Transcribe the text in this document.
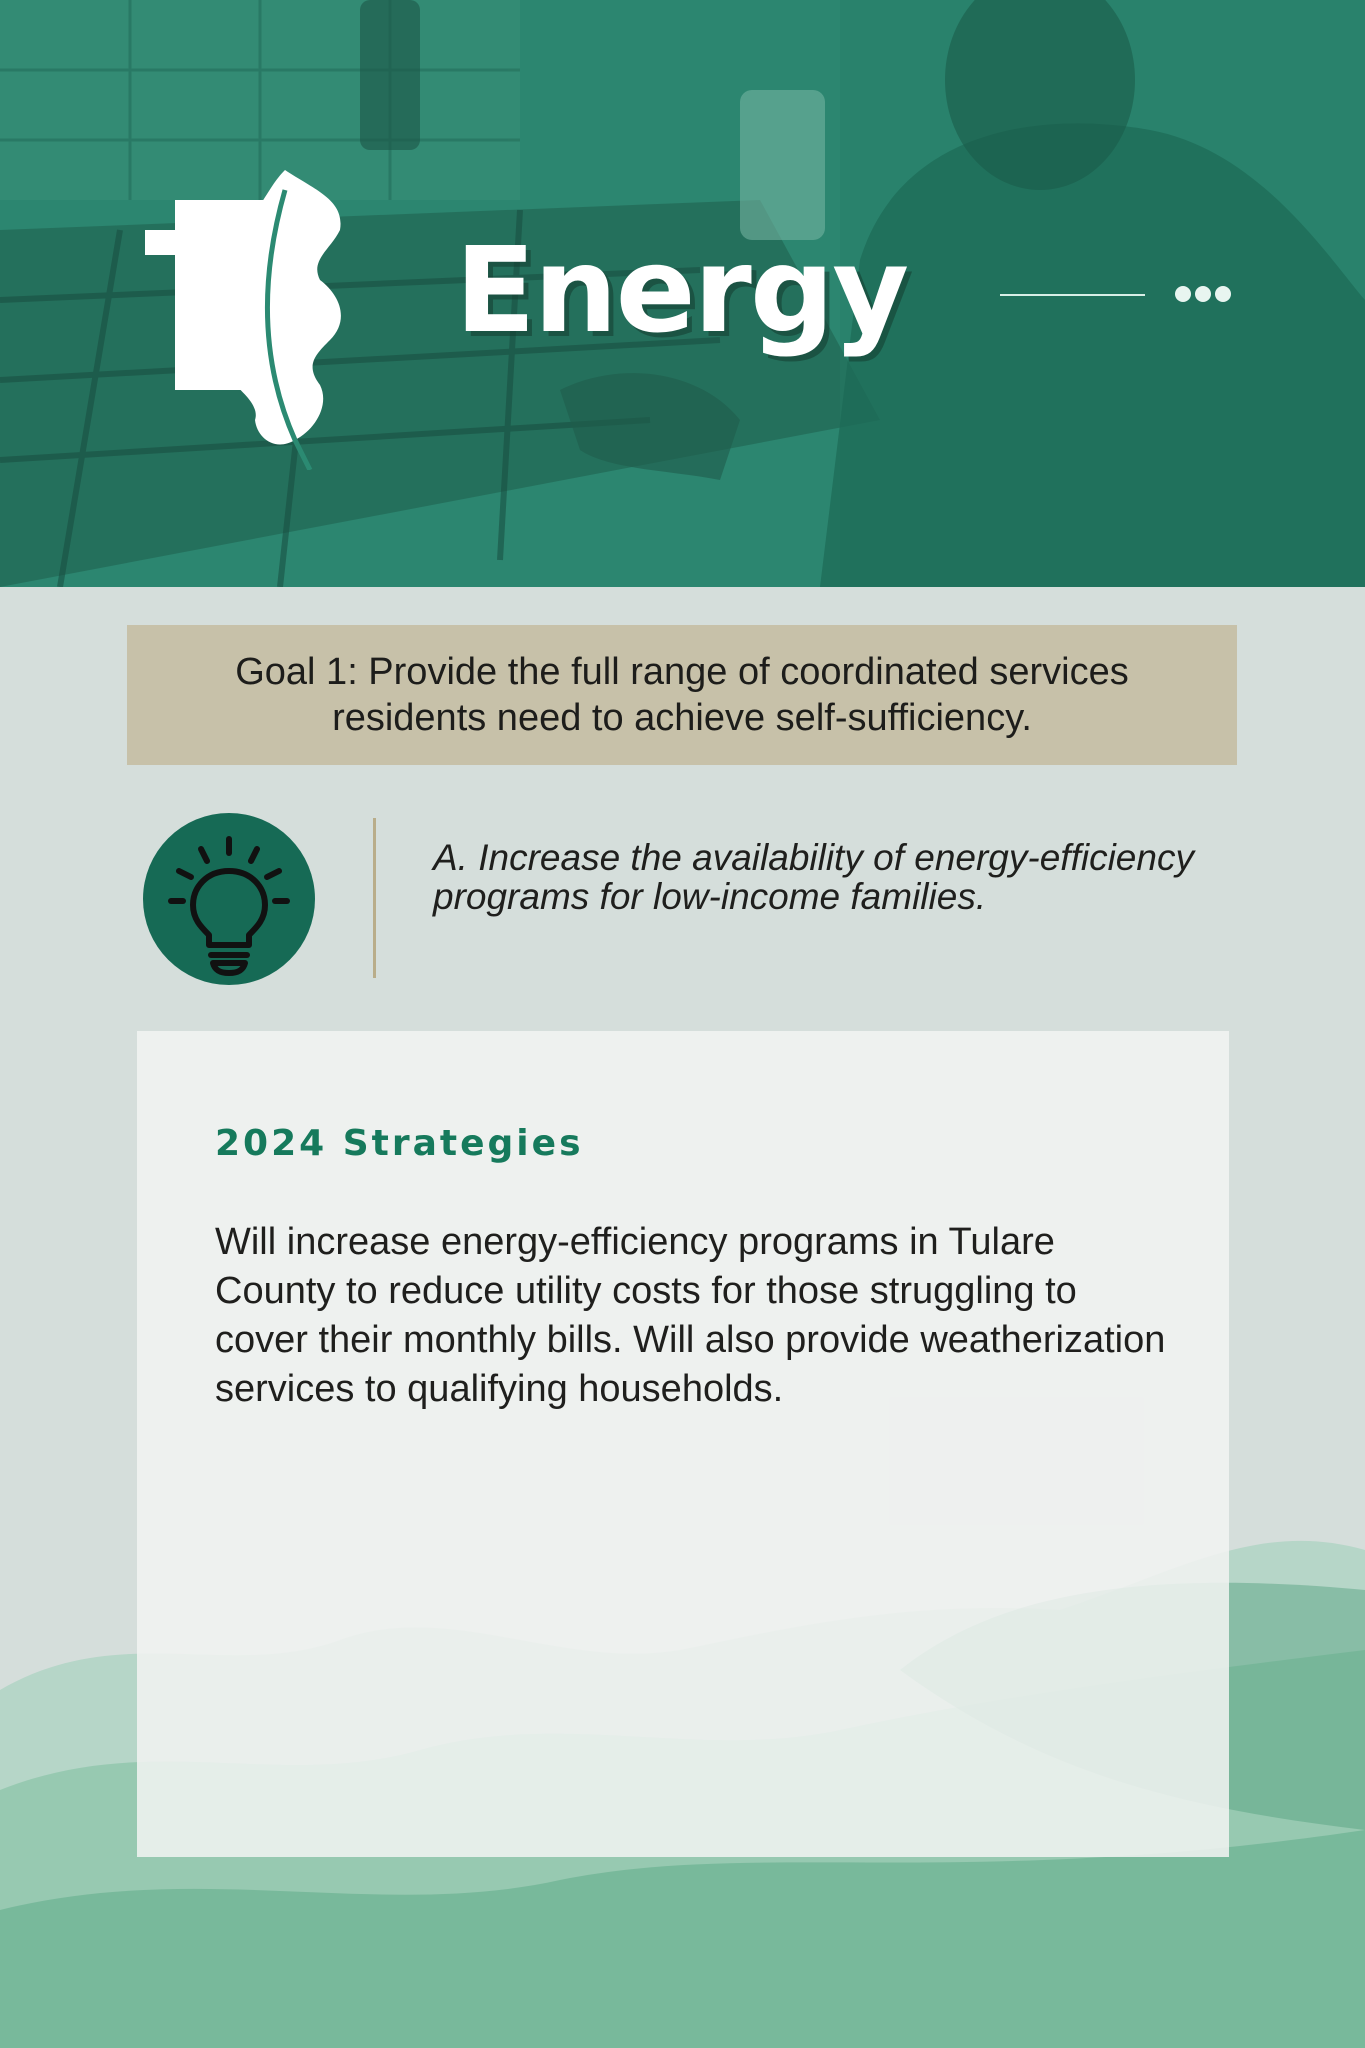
Energy

Goal 1: Provide the full range of coordinated services residents need to achieve self-sufficiency.

A. Increase the availability of energy-efficiency programs for low-income families.

2024 Strategies

Will increase energy-efficiency programs in Tulare County to reduce utility costs for those struggling to cover their monthly bills. Will also provide weatherization services to qualifying households.
